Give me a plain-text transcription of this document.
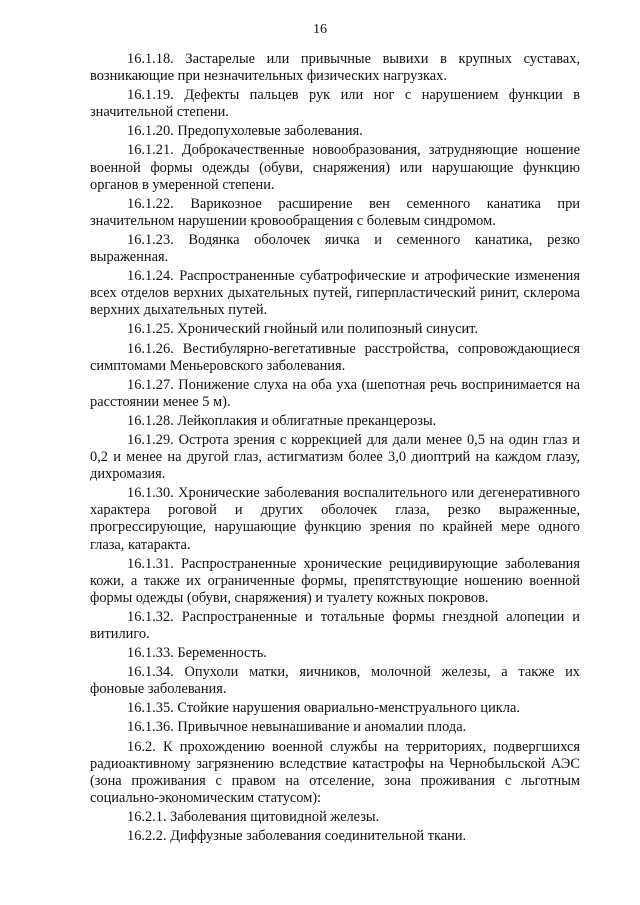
16

16.1.18. Застарелые или привычные вывихи в крупных суставах, возникающие при незначительных физических нагрузках.

16.1.19. Дефекты пальцев рук или ног с нарушением функции в значительной степени.

16.1.20. Предопухолевые заболевания.

16.1.21. Доброкачественные новообразования, затрудняющие ношение военной формы одежды (обуви, снаряжения) или нарушающие функцию органов в умеренной степени.

16.1.22. Варикозное расширение вен семенного канатика при значительном нарушении кровообращения с болевым синдромом.

16.1.23. Водянка оболочек яичка и семенного канатика, резко выраженная.

16.1.24. Распространенные субатрофические и атрофические изменения всех отделов верхних дыхательных путей, гиперпластический ринит, склерома верхних дыхательных путей.

16.1.25. Хронический гнойный или полипозный синусит.

16.1.26. Вестибулярно-вегетативные расстройства, сопровождающиеся симптомами Меньеровского заболевания.

16.1.27. Понижение слуха на оба уха (шепотная речь воспринимается на расстоянии менее 5 м).

16.1.28. Лейкоплакия и облигатные преканцерозы.

16.1.29. Острота зрения с коррекцией для дали менее 0,5 на один глаз и 0,2 и менее на другой глаз, астигматизм более 3,0 диоптрий на каждом глазу, дихромазия.

16.1.30. Хронические заболевания воспалительного или дегенеративного характера роговой и других оболочек глаза, резко выраженные, прогрессирующие, нарушающие функцию зрения по крайней мере одного глаза, катаракта.

16.1.31. Распространенные хронические рецидивирующие заболевания кожи, а также их ограниченные формы, препятствующие ношению военной формы одежды (обуви, снаряжения) и туалету кожных покровов.

16.1.32. Распространенные и тотальные формы гнездной алопеции и витилиго.

16.1.33. Беременность.

16.1.34. Опухоли матки, яичников, молочной железы, а также их фоновые заболевания.

16.1.35. Стойкие нарушения овариально-менструального цикла.

16.1.36. Привычное невынашивание и аномалии плода.

16.2. К прохождению военной службы на территориях, подвергшихся радиоактивному загрязнению вследствие катастрофы на Чернобыльской АЭС (зона проживания с правом на отселение, зона проживания с льготным социально-экономическим статусом):

16.2.1. Заболевания щитовидной железы.

16.2.2. Диффузные заболевания соединительной ткани.
